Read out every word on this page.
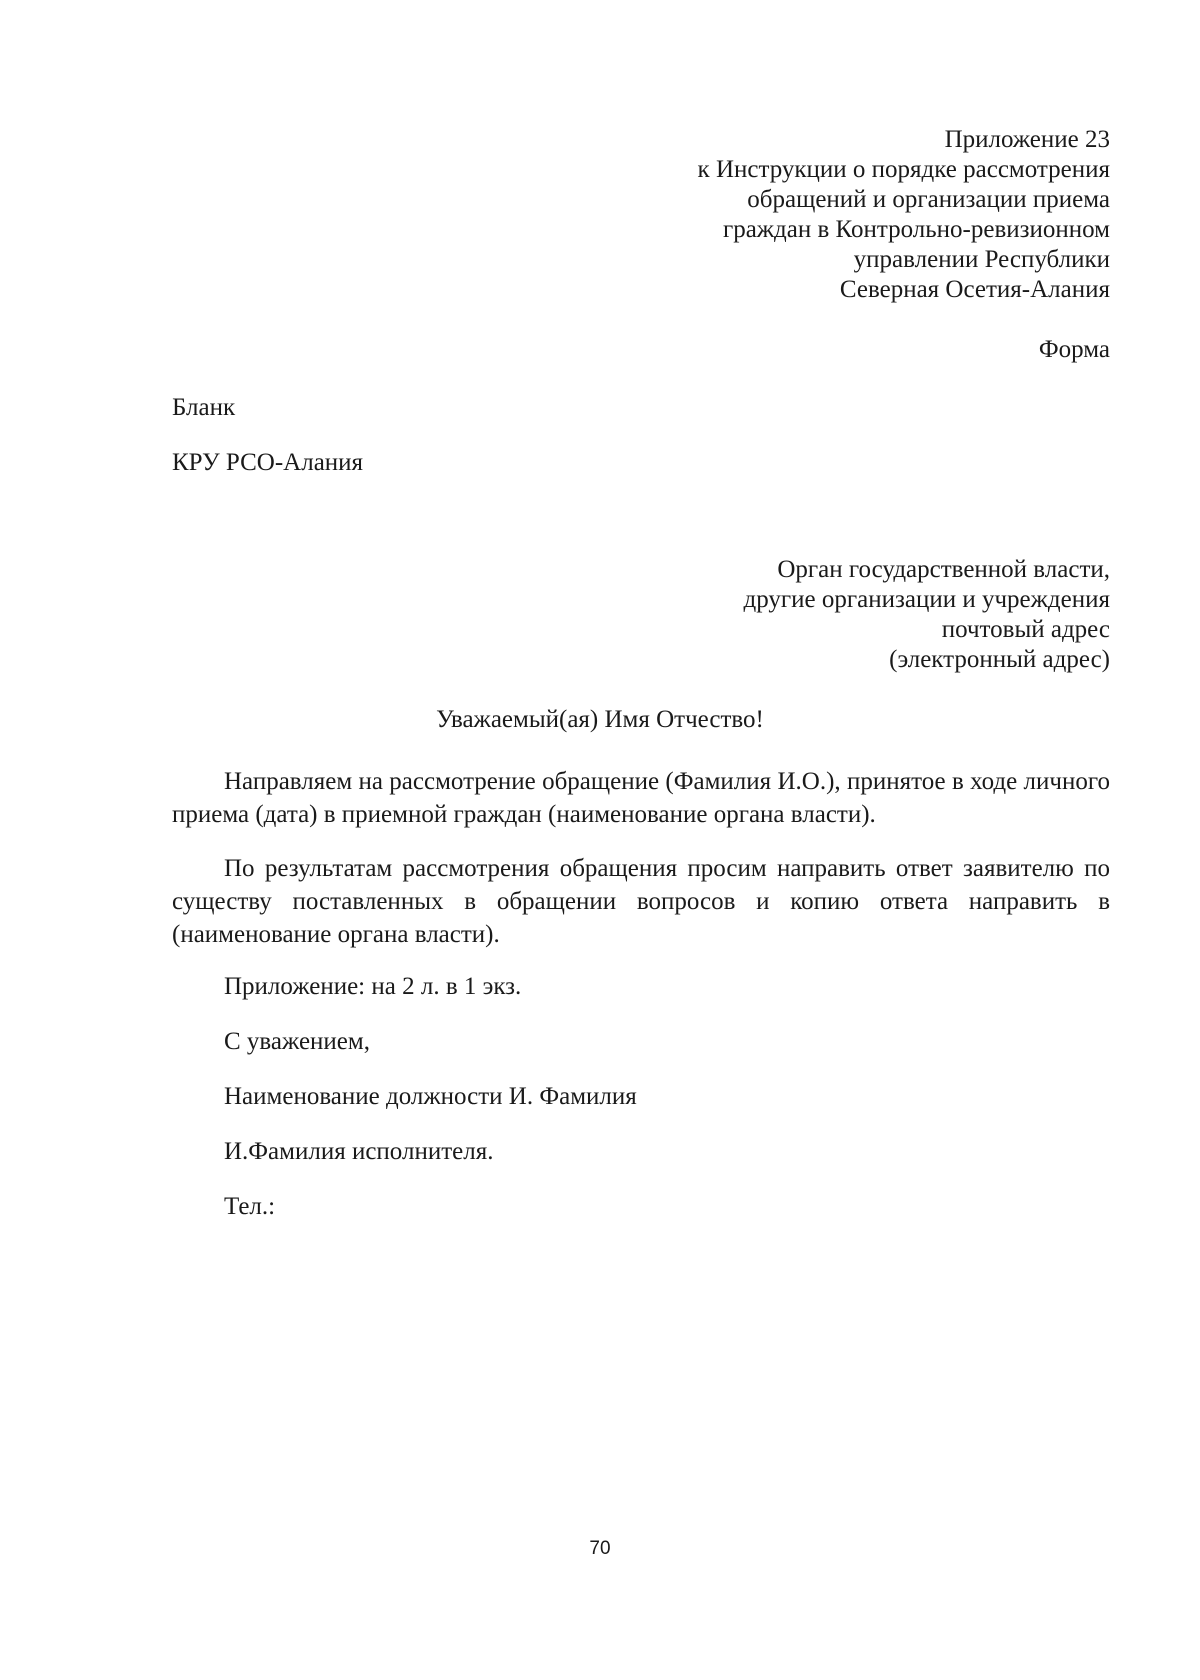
Приложение 23
к Инструкции о порядке рассмотрения
обращений и организации приема
граждан в Контрольно-ревизионном
управлении Республики
Северная Осетия-Алания
Форма
Бланк
КРУ РСО-Алания
Орган государственной власти,
другие организации и учреждения
почтовый адрес
(электронный адрес)
Уважаемый(ая) Имя Отчество!
Направляем на рассмотрение обращение (Фамилия И.О.), принятое в ходе личного приема (дата) в приемной граждан (наименование органа власти).
По результатам рассмотрения обращения просим направить ответ заявителю по существу поставленных в обращении вопросов и копию ответа направить в (наименование органа власти).
Приложение: на 2 л. в 1 экз.
С уважением,
Наименование должности И. Фамилия
И.Фамилия исполнителя.
Тел.:
70
